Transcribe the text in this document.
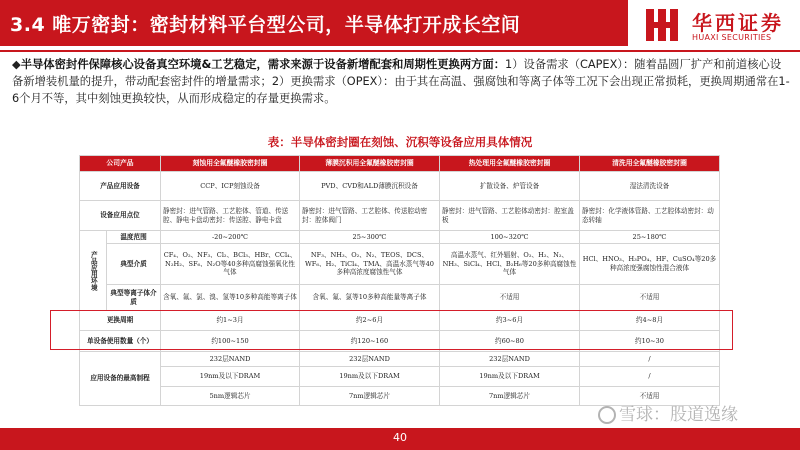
3.4 唯万密封：密封材料平台型公司，半导体打开成长空间	华西证券
HUAXI SECURITIES
◆半导体密封件保障核心设备真空环境&工艺稳定，需求来源于设备新增配套和周期性更换两方面：1）设备需求（CAPEX）：随着晶圆厂扩产和前道核心设备新增装机量的提升，带动配套密封件的增量需求；2）更换需求（OPEX）：由于其在高温、强腐蚀和等离子体等工况下会出现正常损耗，更换周期通常在1-6个月不等，其中刻蚀更换较快，从而形成稳定的存量更换需求。
表：半导体密封圈在刻蚀、沉积等设备应用具体情况
公司产品		刻蚀用全氟醚橡胶密封圈	薄膜沉积用全氟醚橡胶密封圈	热处理用全氟醚橡胶密封圈	清洗用全氟醚橡胶密封圈
产品应用设备		CCP、ICP刻蚀设备	PVD、CVD和ALD薄膜沉积设备	扩散设备、炉管设备	湿法清洗设备
设备应用点位		静密封：进气管路、工艺腔体、管道、传送腔、静电卡盘动密封：传送腔、静电卡盘	静密封：进气管路、工艺腔体、传送腔动密封：腔体阀门	静密封：进气管路、工艺腔体动密封：腔室盖板	静密封：化学液体管路、工艺腔体动密封：动态转轴
产品应用环境	温度范围	-20~200℃	25~300℃	100~320℃	25~180℃
	典型介质	CF₄、O₂、NF₃、Cl₂、BCl₃、HBr、CCl₄、N₂H₂、SF₆、N₂O等40多种高腐蚀强氧化性气体	NF₃、NH₃、O₂、N₂、TEOS、DCS、WF₆、H₂、TiCl₄、TMA、高温水蒸气等40多种高浓度腐蚀性气体	高温水蒸气、红外辐射、O₂、H₂、N₂、NH₃、SiCl₄、HCl、B₂H₆等20多种高腐蚀性气体	HCl、HNO₃、H₃PO₄、HF、CuSO₄等20多种高浓度强腐蚀性混合液体
	典型等离子体介质	含氧、氟、氯、溴、氢等10多种高能等离子体	含氧、氟、氯等10多种高能量等离子体	不适用	不适用
更换周期		约1~3月	约2~6月	约3~6月	约4~8月
单设备使用数量（个）		约100~150	约120~160	约60~80	约10~30
应用设备的最高制程		232层NAND	232层NAND	232层NAND	/
		19nm及以下DRAM	19nm及以下DRAM	19nm及以下DRAM	/
		5nm逻辑芯片	7nm逻辑芯片	7nm逻辑芯片	不适用
雪球：股道逸缘
40
